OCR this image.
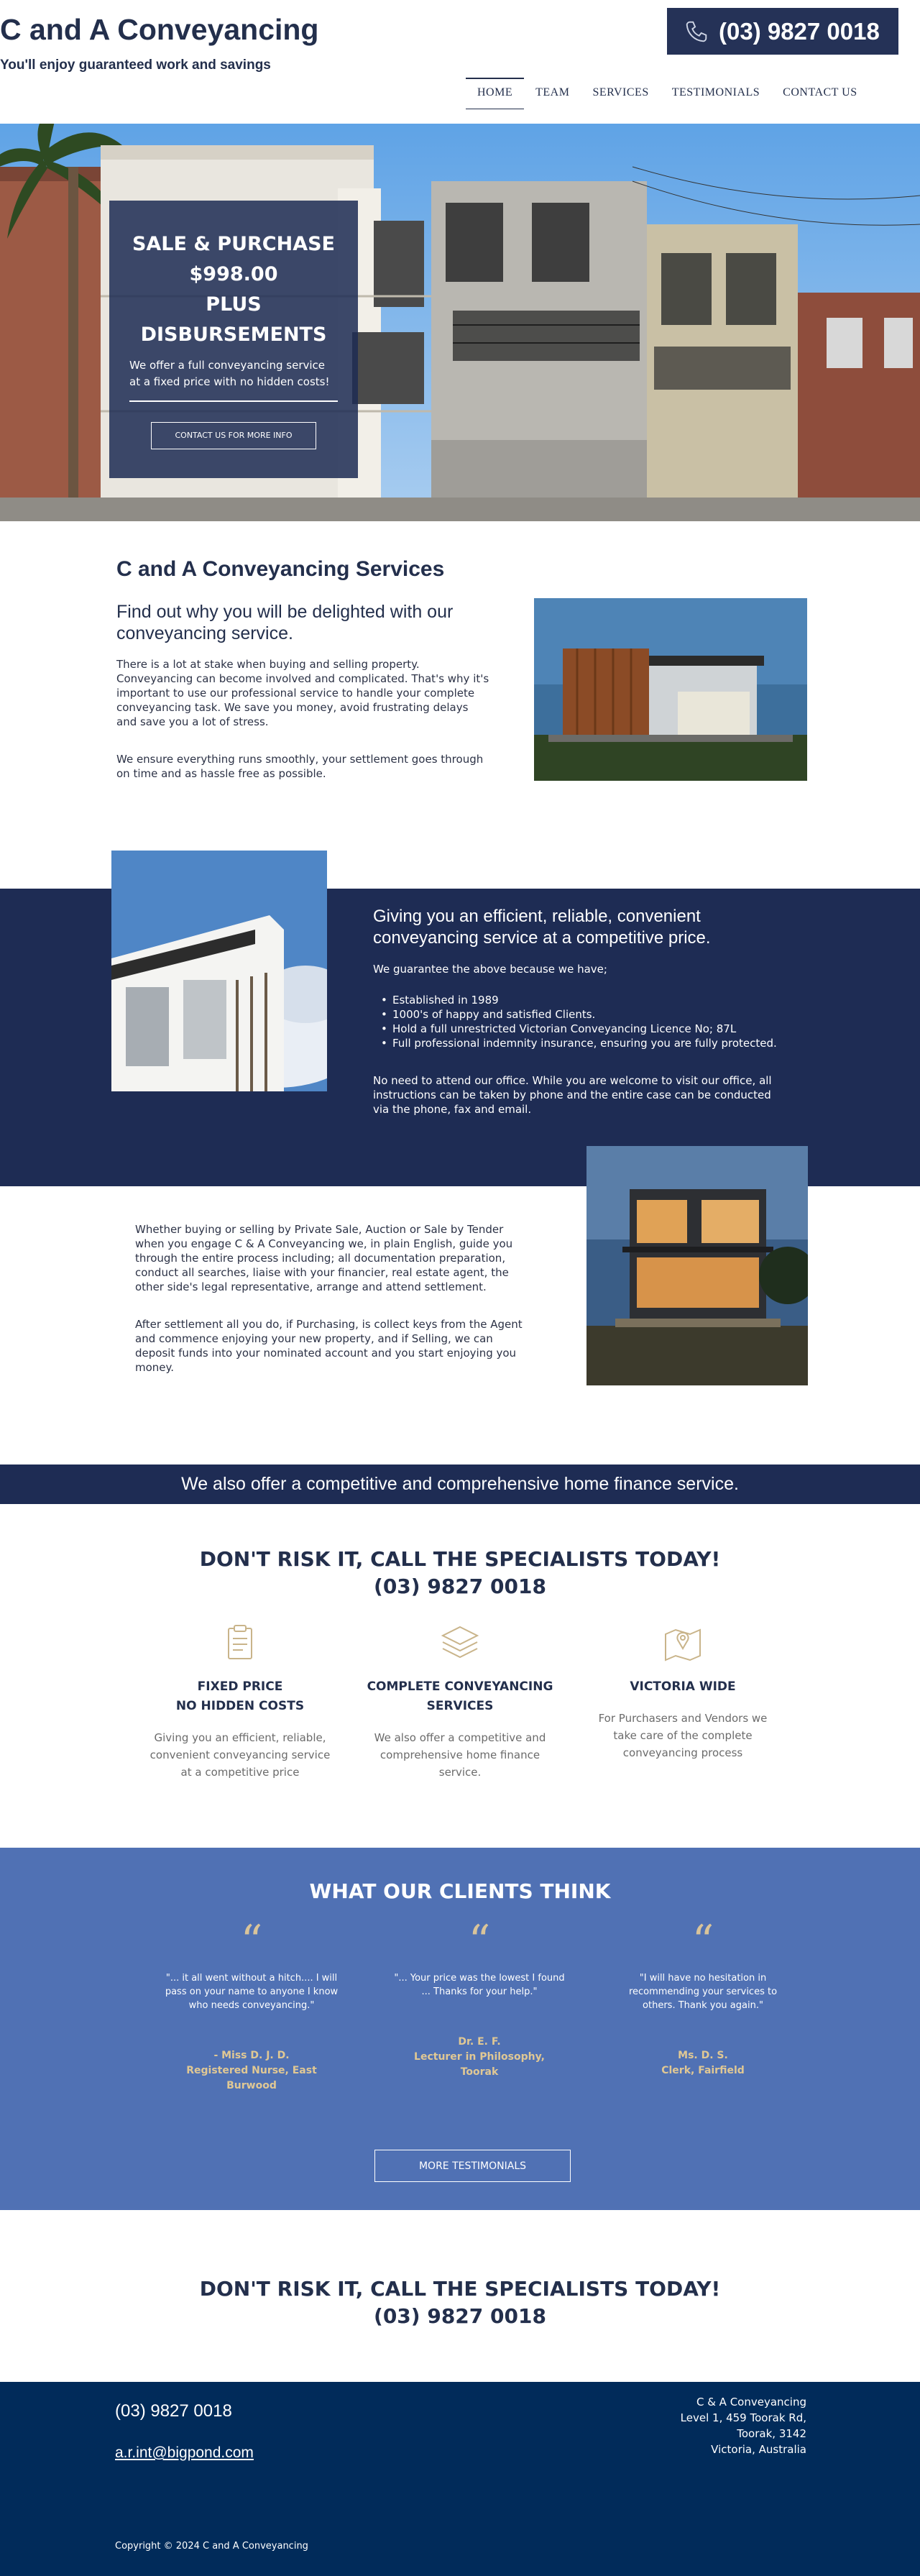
C and A Conveyancing
You'll enjoy guaranteed work and savings
(03) 9827 0018
HOME	TEAM	SERVICES	TESTIMONIALS	CONTACT US
SALE & PURCHASE
$998.00
PLUS
DISBURSEMENTS
We offer a full conveyancing service at a fixed price with no hidden costs!
CONTACT US FOR MORE INFO
C and A Conveyancing Services
Find out why you will be delighted with our conveyancing service.
There is a lot at stake when buying and selling property. Conveyancing can become involved and complicated. That's why it's important to use our professional service to handle your complete conveyancing task. We save you money, avoid frustrating delays and save you a lot of stress.
We ensure everything runs smoothly, your settlement goes through on time and as hassle free as possible.
Giving you an efficient, reliable, convenient conveyancing service at a competitive price.
We guarantee the above because we have;
• Established in 1989
• 1000's of happy and satisfied Clients.
• Hold a full unrestricted Victorian Conveyancing Licence No; 87L
• Full professional indemnity insurance, ensuring you are fully protected.
No need to attend our office. While you are welcome to visit our office, all instructions can be taken by phone and the entire case can be conducted via the phone, fax and email.
Whether buying or selling by Private Sale, Auction or Sale by Tender when you engage C & A Conveyancing we, in plain English, guide you through the entire process including; all documentation preparation, conduct all searches, liaise with your financier, real estate agent, the other side's legal representative, arrange and attend settlement.
After settlement all you do, if Purchasing, is collect keys from the Agent and commence enjoying your new property, and if Selling, we can deposit funds into your nominated account and you start enjoying you money.
We also offer a competitive and comprehensive home finance service.
DON'T RISK IT, CALL THE SPECIALISTS TODAY!
(03) 9827 0018
FIXED PRICE
NO HIDDEN COSTS
Giving you an efficient, reliable, convenient conveyancing service at a competitive price
COMPLETE CONVEYANCING
SERVICES
We also offer a competitive and comprehensive home finance service.
VICTORIA WIDE
For Purchasers and Vendors we take care of the complete conveyancing process
WHAT OUR CLIENTS THINK
“
"... it all went without a hitch.... I will pass on your name to anyone I know who needs conveyancing."
- Miss D. J. D.
Registered Nurse, East Burwood
“
"... Your price was the lowest I found ... Thanks for your help."
Dr. E. F.
Lecturer in Philosophy,
Toorak
“
"I will have no hesitation in recommending your services to others. Thank you again."
Ms. D. S.
Clerk, Fairfield
MORE TESTIMONIALS
DON'T RISK IT, CALL THE SPECIALISTS TODAY!
(03) 9827 0018
(03) 9827 0018
a.r.int@bigpond.com
C & A Conveyancing
Level 1, 459 Toorak Rd,
Toorak, 3142
Victoria, Australia
Copyright © 2024 C and A Conveyancing
